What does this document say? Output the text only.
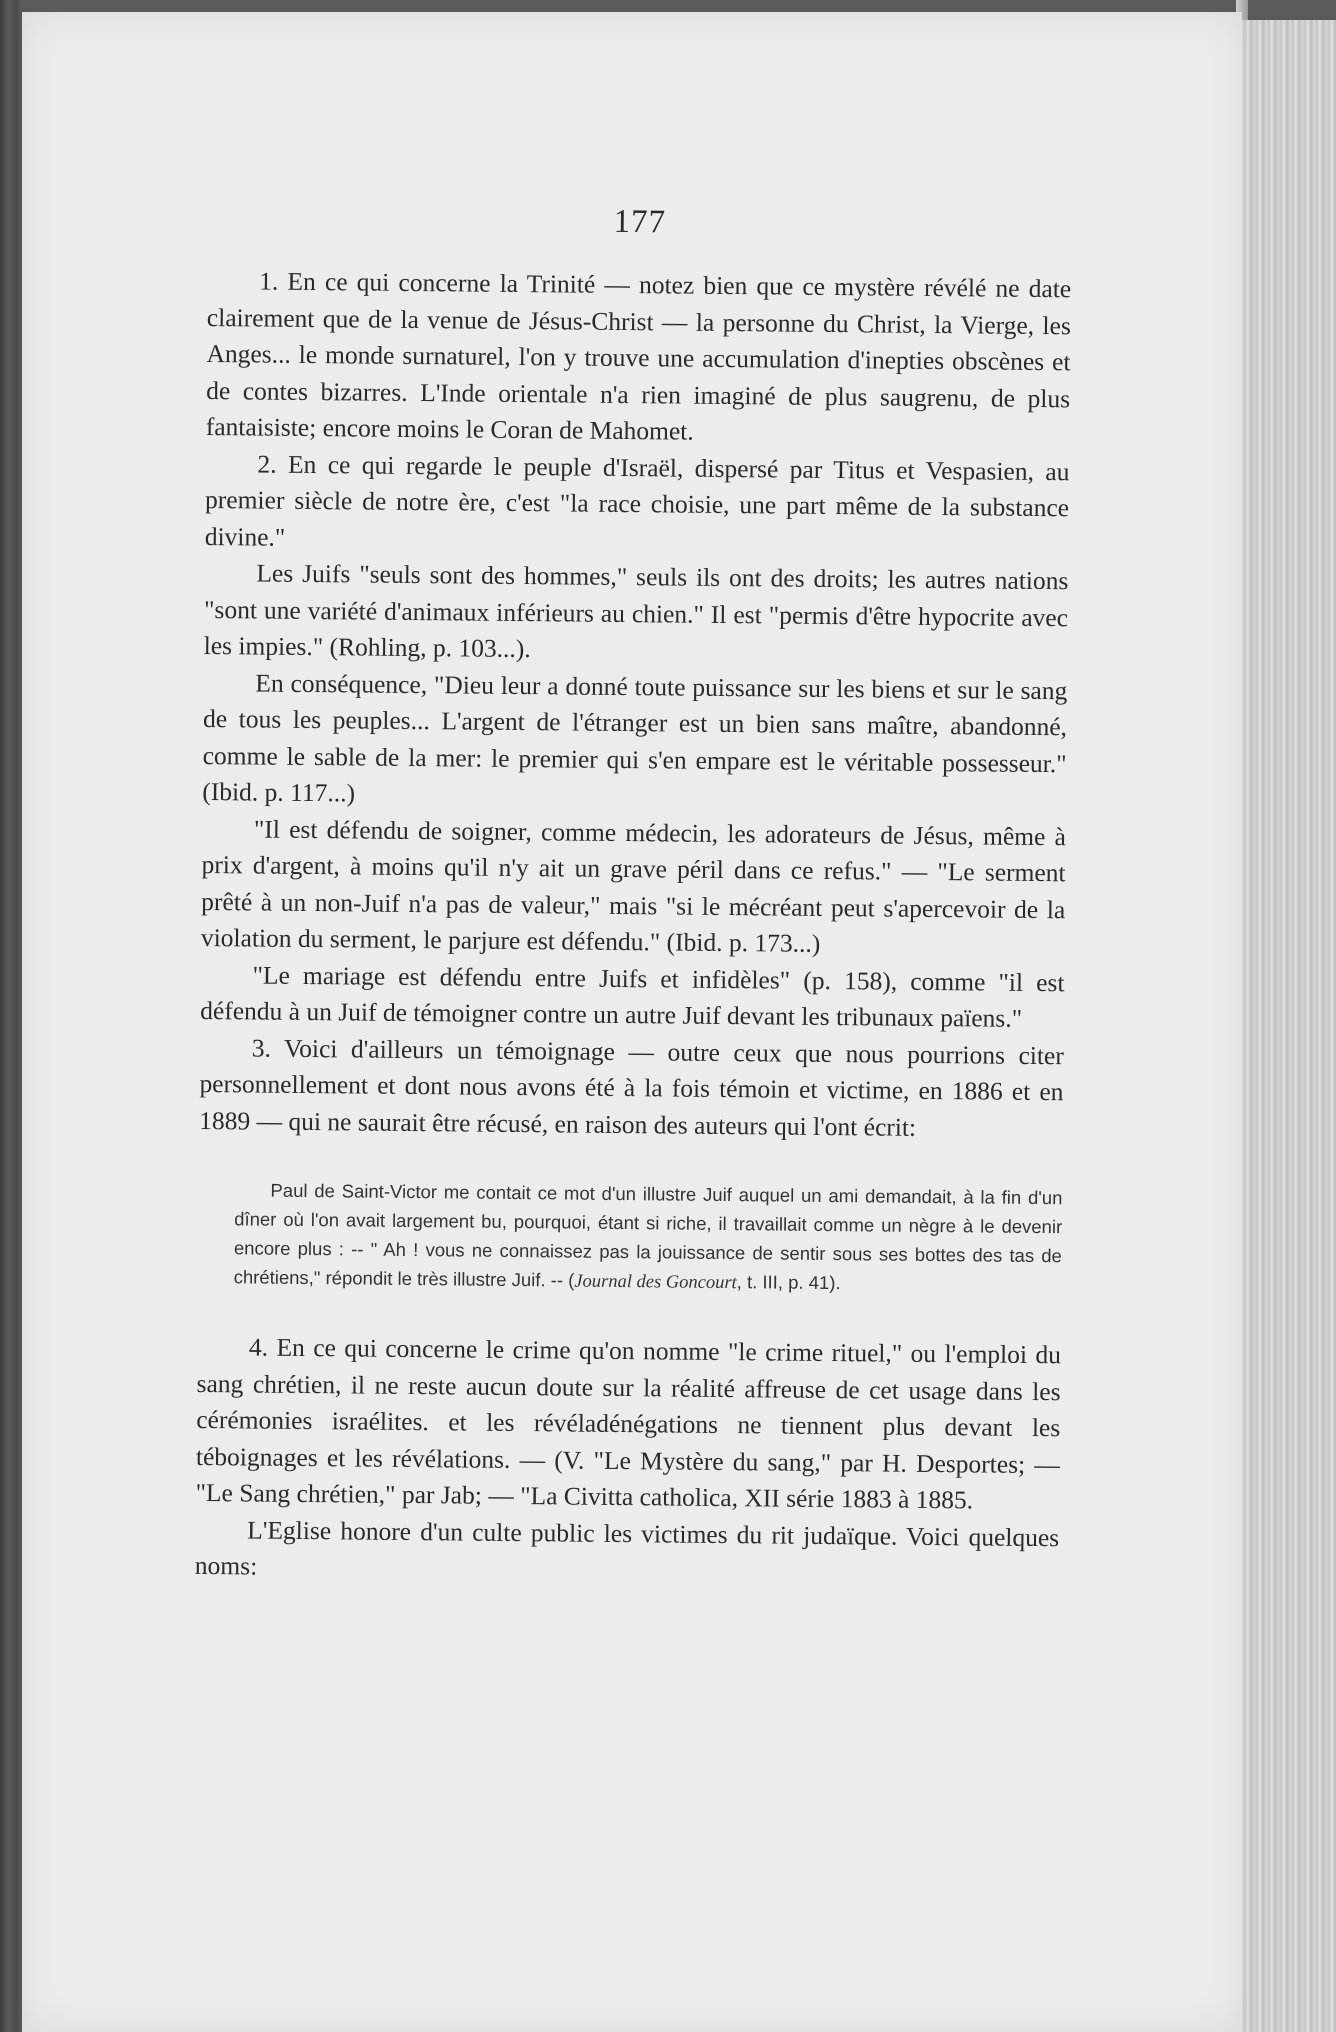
177

1. En ce qui concerne la Trinité — notez bien que ce mystère révélé ne date clairement que de la venue de Jésus-Christ — la personne du Christ, la Vierge, les Anges... le monde surnaturel, l'on y trouve une accumulation d'inepties obscènes et de contes bizarres. L'Inde orientale n'a rien imaginé de plus saugrenu, de plus fantaisiste; encore moins le Coran de Mahomet.

2. En ce qui regarde le peuple d'Israël, dispersé par Titus et Vespasien, au premier siècle de notre ère, c'est "la race choisie, une part même de la substance divine."

Les Juifs "seuls sont des hommes," seuls ils ont des droits; les autres nations "sont une variété d'animaux inférieurs au chien." Il est "permis d'être hypocrite avec les impies." (Rohling, p. 103...).

En conséquence, "Dieu leur a donné toute puissance sur les biens et sur le sang de tous les peuples... L'argent de l'étranger est un bien sans maître, abandonné, comme le sable de la mer: le premier qui s'en empare est le véritable possesseur." (Ibid. p. 117...)

"Il est défendu de soigner, comme médecin, les adorateurs de Jésus, même à prix d'argent, à moins qu'il n'y ait un grave péril dans ce refus." — "Le serment prêté à un non-Juif n'a pas de valeur," mais "si le mécréant peut s'apercevoir de la violation du serment, le parjure est défendu." (Ibid. p. 173...)

"Le mariage est défendu entre Juifs et infidèles" (p. 158), comme "il est défendu à un Juif de témoigner contre un autre Juif devant les tribunaux païens."

3. Voici d'ailleurs un témoignage — outre ceux que nous pourrions citer personnellement et dont nous avons été à la fois témoin et victime, en 1886 et en 1889 — qui ne saurait être récusé, en raison des auteurs qui l'ont écrit:

Paul de Saint-Victor me contait ce mot d'un illustre Juif auquel un ami demandait, à la fin d'un dîner où l'on avait largement bu, pourquoi, étant si riche, il travaillait comme un nègre à le devenir encore plus : -- " Ah ! vous ne connaissez pas la jouissance de sentir sous ses bottes des tas de chrétiens," répondit le très illustre Juif. -- (Journal des Goncourt, t. III, p. 41).

4. En ce qui concerne le crime qu'on nomme "le crime rituel," ou l'emploi du sang chrétien, il ne reste aucun doute sur la réalité affreuse de cet usage dans les cérémonies israélites. et les révéladénégations ne tiennent plus devant les téboignages et les révélations. — (V. "Le Mystère du sang," par H. Desportes; — "Le Sang chrétien," par Jab; — "La Civitta catholica, XII série 1883 à 1885.

L'Eglise honore d'un culte public les victimes du rit judaïque. Voici quelques noms:
